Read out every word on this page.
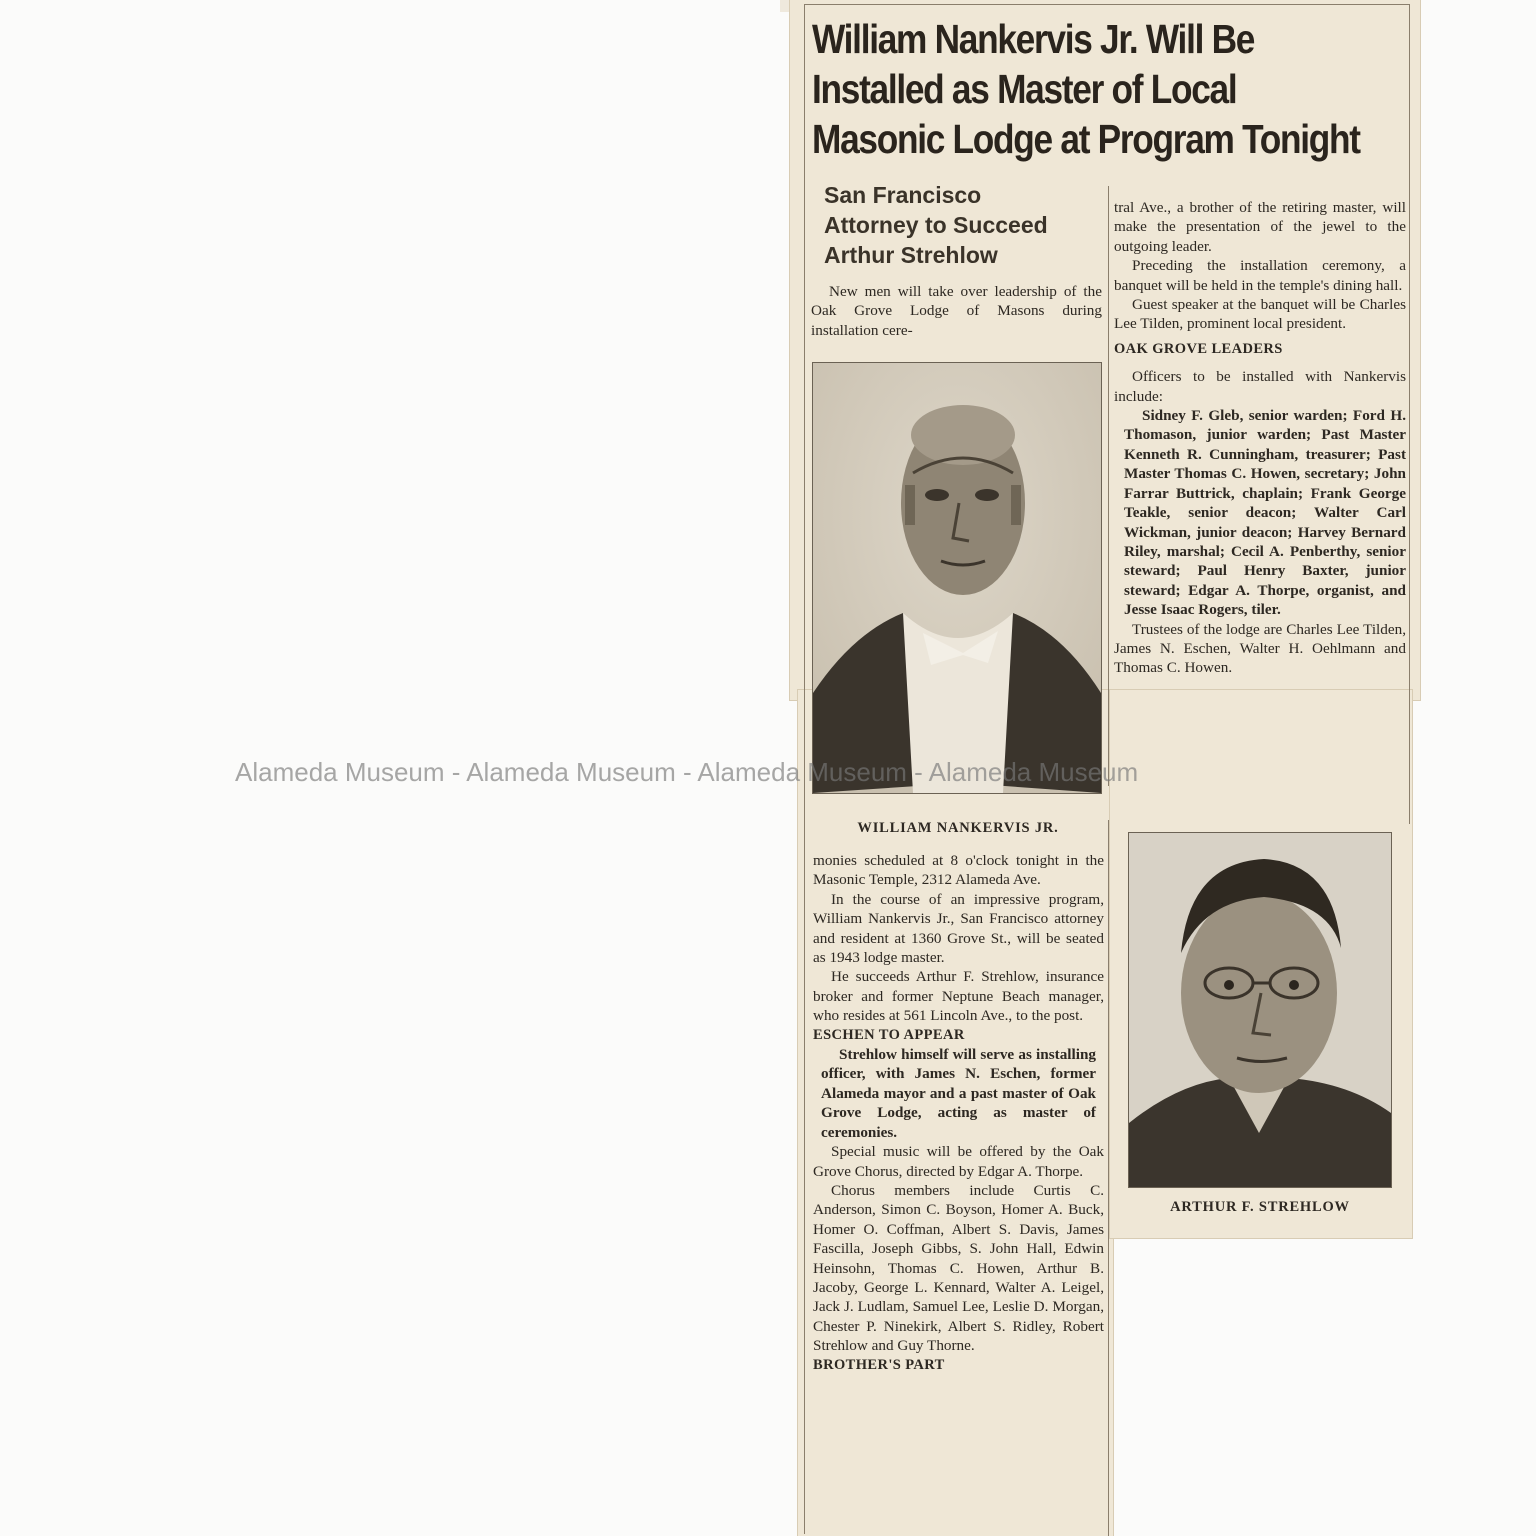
William Nankervis Jr. Will Be
Installed as Master of Local
Masonic Lodge at Program Tonight
San Francisco
Attorney to Succeed
Arthur Strehlow

New men will take over leadership of the Oak Grove Lodge of Masons during installation cere-

WILLIAM NANKERVIS JR.

monies scheduled at 8 o'clock tonight in the Masonic Temple, 2312 Alameda Ave.

In the course of an impressive program, William Nankervis Jr., San Francisco attorney and resident at 1360 Grove St., will be seated as 1943 lodge master.

He succeeds Arthur F. Strehlow, insurance broker and former Neptune Beach manager, who resides at 561 Lincoln Ave., to the post.

ESCHEN TO APPEAR

Strehlow himself will serve as installing officer, with James N. Eschen, former Alameda mayor and a past master of Oak Grove Lodge, acting as master of ceremonies.

Special music will be offered by the Oak Grove Chorus, directed by Edgar A. Thorpe.

Chorus members include Curtis C. Anderson, Simon C. Boyson, Homer A. Buck, Homer O. Coffman, Albert S. Davis, James Fascilla, Joseph Gibbs, S. John Hall, Edwin Heinsohn, Thomas C. Howen, Arthur B. Jacoby, George L. Kennard, Walter A. Leigel, Jack J. Ludlam, Samuel Lee, Leslie D. Morgan, Chester P. Ninekirk, Albert S. Ridley, Robert Strehlow and Guy Thorne.

BROTHER'S PART

tral Ave., a brother of the retiring master, will make the presentation of the jewel to the outgoing leader.

Preceding the installation ceremony, a banquet will be held in the temple's dining hall.

Guest speaker at the banquet will be Charles Lee Tilden, prominent local president.

OAK GROVE LEADERS

Officers to be installed with Nankervis include:

Sidney F. Gleb, senior warden; Ford H. Thomason, junior warden; Past Master Kenneth R. Cunningham, treasurer; Past Master Thomas C. Howen, secretary; John Farrar Buttrick, chaplain; Frank George Teakle, senior deacon; Walter Carl Wickman, junior deacon; Harvey Bernard Riley, marshal; Cecil A. Penberthy, senior steward; Paul Henry Baxter, junior steward; Edgar A. Thorpe, organist, and Jesse Isaac Rogers, tiler.

Trustees of the lodge are Charles Lee Tilden, James N. Eschen, Walter H. Oehlmann and Thomas C. Howen.

ARTHUR F. STREHLOW
Alameda Museum - Alameda Museum - Alameda Museum - Alameda Museum
